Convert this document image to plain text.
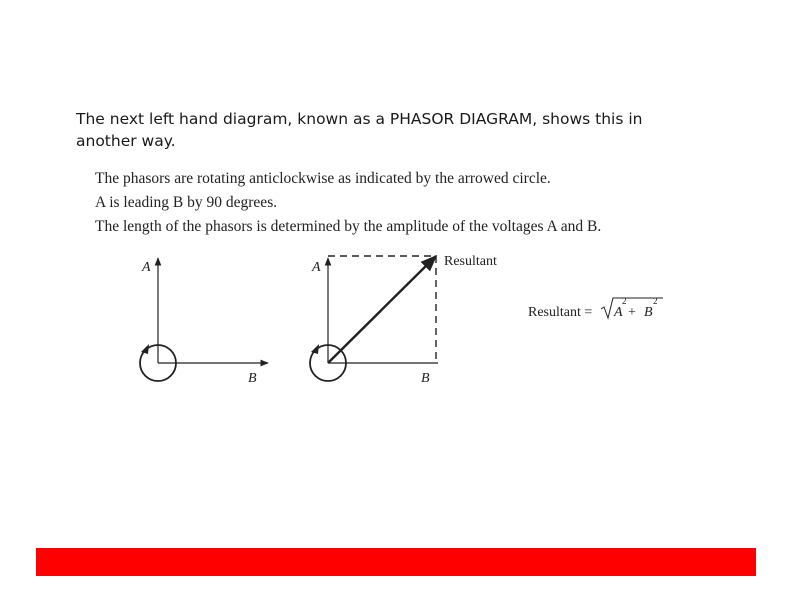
The next left hand diagram, known as a PHASOR DIAGRAM, shows this in
another way.
The phasors are rotating anticlockwise as indicated by the arrowed circle.
A is leading B by 90 degrees.
The length of the phasors is determined by the amplitude of the voltages A and B.
A
B
A
B
Resultant
Resultant = A
2
+ B
2
